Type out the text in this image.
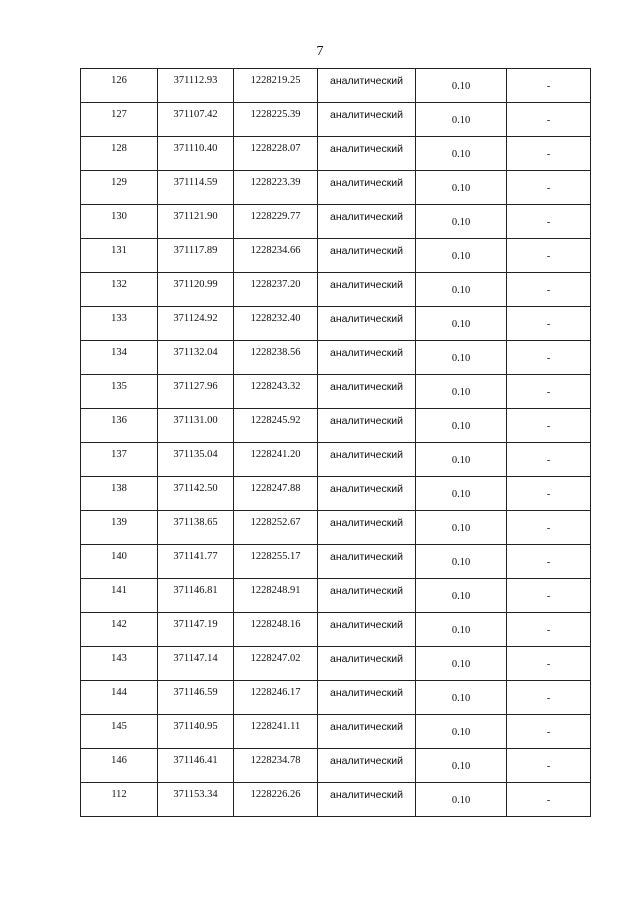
7
126	371112.93	1228219.25	аналитический	0.10	-

127	371107.42	1228225.39	аналитический	0.10	-

128	371110.40	1228228.07	аналитический	0.10	-

129	371114.59	1228223.39	аналитический	0.10	-

130	371121.90	1228229.77	аналитический	0.10	-

131	371117.89	1228234.66	аналитический	0.10	-

132	371120.99	1228237.20	аналитический	0.10	-

133	371124.92	1228232.40	аналитический	0.10	-

134	371132.04	1228238.56	аналитический	0.10	-

135	371127.96	1228243.32	аналитический	0.10	-

136	371131.00	1228245.92	аналитический	0.10	-

137	371135.04	1228241.20	аналитический	0.10	-

138	371142.50	1228247.88	аналитический	0.10	-

139	371138.65	1228252.67	аналитический	0.10	-

140	371141.77	1228255.17	аналитический	0.10	-

141	371146.81	1228248.91	аналитический	0.10	-

142	371147.19	1228248.16	аналитический	0.10	-

143	371147.14	1228247.02	аналитический	0.10	-

144	371146.59	1228246.17	аналитический	0.10	-

145	371140.95	1228241.11	аналитический	0.10	-

146	371146.41	1228234.78	аналитический	0.10	-

112	371153.34	1228226.26	аналитический	0.10	-
